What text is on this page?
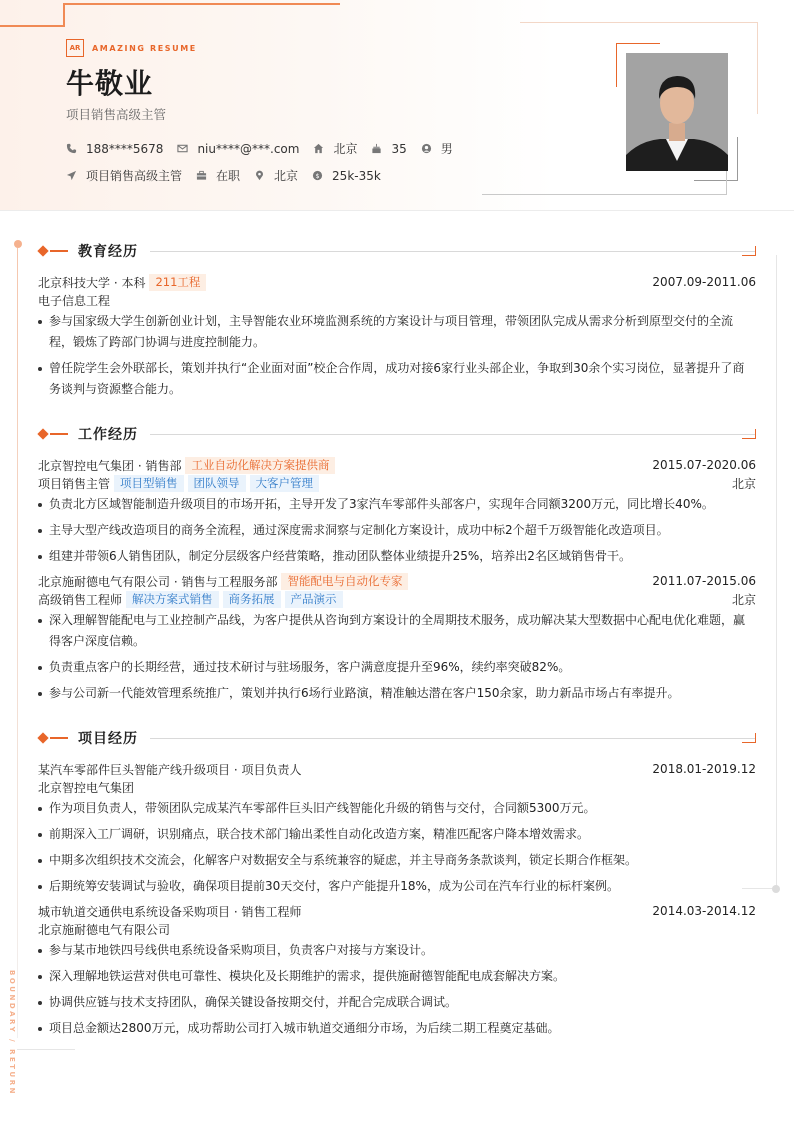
AR	AMAZING RESUME
牛敬业
项目销售高级主管
188****5678	niu****@***.com	北京	35	男
项目销售高级主管	在职	北京 $ 25k-35k
BOUNDARY / RETURN
教育经历
北京科技大学 · 本科 211工程	2007.09-2011.06
电子信息工程
参与国家级大学生创新创业计划，主导智能农业环境监测系统的方案设计与项目管理，带领团队完成从需求分析到原型交付的全流程，锻炼了跨部门协调与进度控制能力。
曾任院学生会外联部长，策划并执行“企业面对面”校企合作周，成功对接6家行业头部企业，争取到30余个实习岗位，显著提升了商务谈判与资源整合能力。
工作经历
北京智控电气集团 · 销售部 工业自动化解决方案提供商	2015.07-2020.06
项目销售主管 项目型销售	团队领导	大客户管理	北京
负责北方区域智能制造升级项目的市场开拓，主导开发了3家汽车零部件头部客户，实现年合同额3200万元，同比增长40%。
主导大型产线改造项目的商务全流程，通过深度需求洞察与定制化方案设计，成功中标2个超千万级智能化改造项目。
组建并带领6人销售团队，制定分层级客户经营策略，推动团队整体业绩提升25%，培养出2名区域销售骨干。
北京施耐德电气有限公司 · 销售与工程服务部 智能配电与自动化专家	2011.07-2015.06
高级销售工程师 解决方案式销售	商务拓展	产品演示	北京
深入理解智能配电与工业控制产品线，为客户提供从咨询到方案设计的全周期技术服务，成功解决某大型数据中心配电优化难题，赢得客户深度信赖。
负责重点客户的长期经营，通过技术研讨与驻场服务，客户满意度提升至96%，续约率突破82%。
参与公司新一代能效管理系统推广，策划并执行6场行业路演，精准触达潜在客户150余家，助力新品市场占有率提升。
项目经历
某汽车零部件巨头智能产线升级项目 · 项目负责人	2018.01-2019.12
北京智控电气集团
作为项目负责人，带领团队完成某汽车零部件巨头旧产线智能化升级的销售与交付，合同额5300万元。
前期深入工厂调研，识别痛点，联合技术部门输出柔性自动化改造方案，精准匹配客户降本增效需求。
中期多次组织技术交流会，化解客户对数据安全与系统兼容的疑虑，并主导商务条款谈判，锁定长期合作框架。
后期统筹安装调试与验收，确保项目提前30天交付，客户产能提升18%，成为公司在汽车行业的标杆案例。
城市轨道交通供电系统设备采购项目 · 销售工程师	2014.03-2014.12
北京施耐德电气有限公司
参与某市地铁四号线供电系统设备采购项目，负责客户对接与方案设计。
深入理解地铁运营对供电可靠性、模块化及长期维护的需求，提供施耐德智能配电成套解决方案。
协调供应链与技术支持团队，确保关键设备按期交付，并配合完成联合调试。
项目总金额达2800万元，成功帮助公司打入城市轨道交通细分市场，为后续二期工程奠定基础。
